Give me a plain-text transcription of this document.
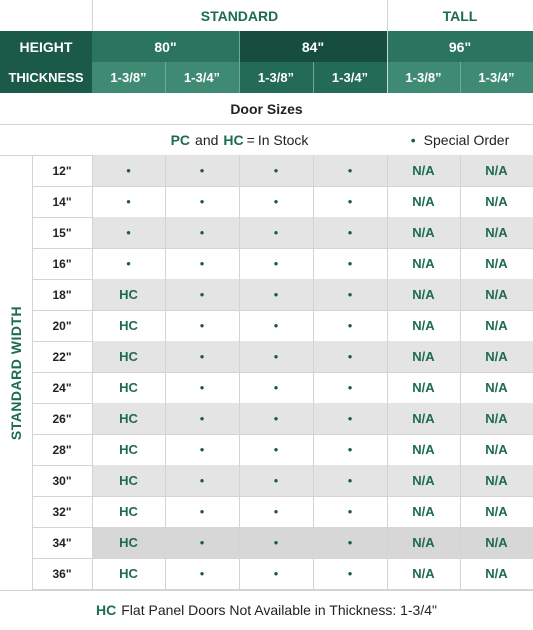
STANDARD	TALL
HEIGHT	80"	84"	96"
THICKNESS	1-3/8”	1-3/4”	1-3/8”	1-3/4”	1-3/8”	1-3/4”
Door Sizes
PC and HC = In Stock	• Special Order
STANDARD WIDTH
12"	•	•	•	•	N/A	N/A
14"	•	•	•	•	N/A	N/A
15"	•	•	•	•	N/A	N/A
16"	•	•	•	•	N/A	N/A
18"	HC	•	•	•	N/A	N/A
20"	HC	•	•	•	N/A	N/A
22"	HC	•	•	•	N/A	N/A
24"	HC	•	•	•	N/A	N/A
26"	HC	•	•	•	N/A	N/A
28"	HC	•	•	•	N/A	N/A
30"	HC	•	•	•	N/A	N/A
32"	HC	•	•	•	N/A	N/A
34"	HC	•	•	•	N/A	N/A
36"	HC	•	•	•	N/A	N/A
HC Flat Panel Doors Not Available in Thickness: 1-3/4"
